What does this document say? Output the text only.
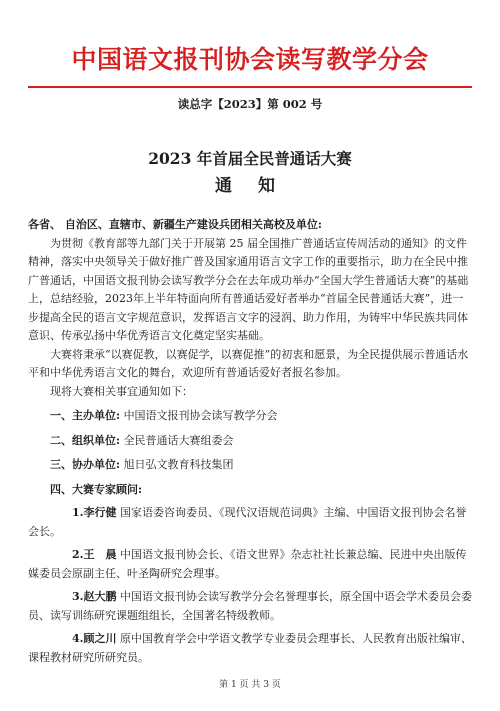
中国语文报刊协会读写教学分会
读总字【2023】第 002 号
2023 年首届全民普通话大赛
通 知

各省、 自治区、直辖市、新疆生产建设兵团相关高校及单位:

为贯彻《教育部等九部门关于开展第 25 届全国推广普通话宣传周活动的通知》的文件精神，落实中央领导关于做好推广普及国家通用语言文字工作的重要指示，助力在全民中推广普通话，中国语文报刊协会读写教学分会在去年成功举办“全国大学生普通话大赛”的基础上，总结经验，2023年上半年特面向所有普通话爱好者举办“首届全民普通话大赛”，进一步提高全民的语言文字规范意识，发挥语言文字的浸润、助力作用，为铸牢中华民族共同体意识、传承弘扬中华优秀语言文化奠定坚实基础。

大赛将秉承“以赛促教，以赛促学，以赛促推”的初衷和愿景，为全民提供展示普通话水平和中华优秀语言文化的舞台，欢迎所有普通话爱好者报名参加。

现将大赛相关事宜通知如下：

一、主办单位: 中国语文报刊协会读写教学分会

二、组织单位: 全民普通话大赛组委会

三、协办单位: 旭日弘文教育科技集团

四、大赛专家顾问:

1.李行健 国家语委咨询委员、《现代汉语规范词典》主编、中国语文报刊协会名誉会长。

2.王　晨 中国语文报刊协会长、《语文世界》杂志社社长兼总编、民进中央出版传媒委员会原副主任、叶圣陶研究会理事。

3.赵大鹏 中国语文报刊协会读写教学分会名誉理事长，原全国中语会学术委员会委员、读写训练研究课题组组长，全国著名特级教师。

4.顾之川 原中国教育学会中学语文教学专业委员会理事长、人民教育出版社编审、课程教材研究所研究员。

第 1 页 共 3 页
